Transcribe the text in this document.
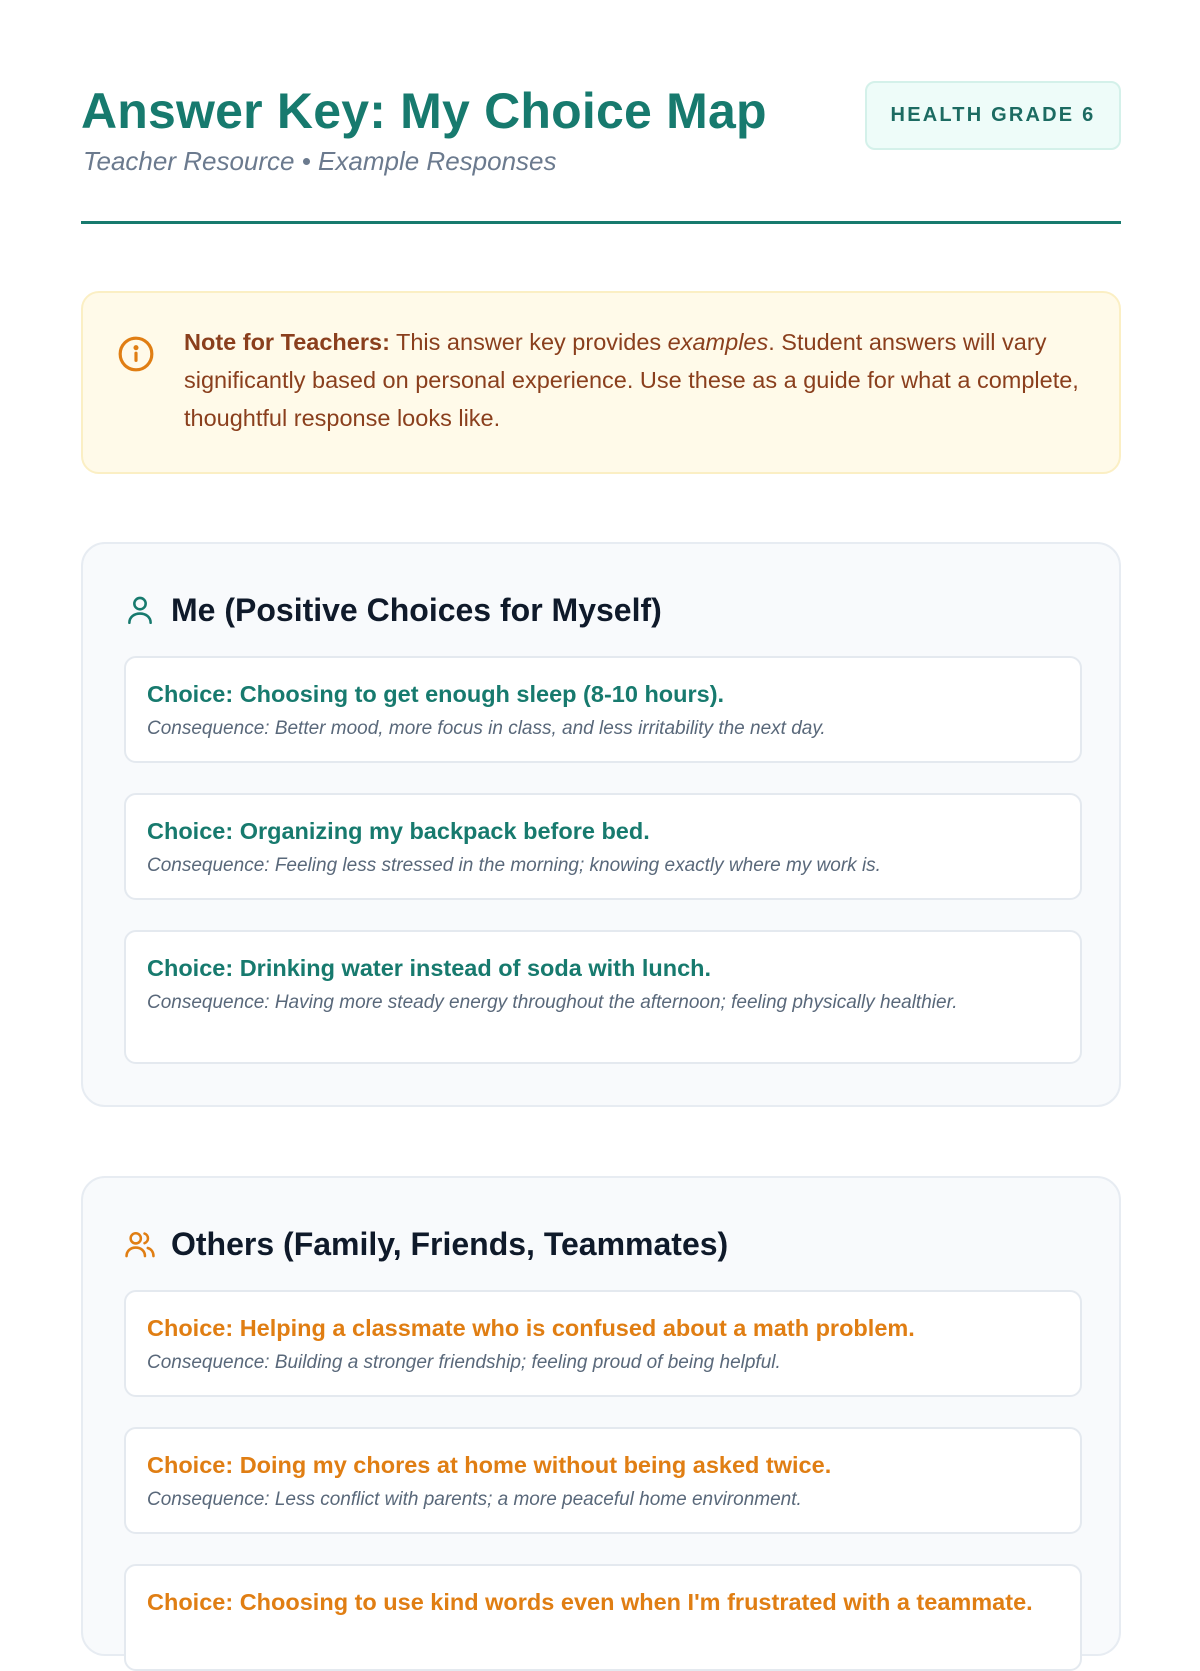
Answer Key: My Choice Map
Teacher Resource • Example Responses
HEALTH GRADE 6

Note for Teachers: This answer key provides examples. Student answers will vary significantly based on personal experience. Use these as a guide for what a complete, thoughtful response looks like.

Me (Positive Choices for Myself)
Choice: Choosing to get enough sleep (8-10 hours).
Consequence: Better mood, more focus in class, and less irritability the next day.
Choice: Organizing my backpack before bed.
Consequence: Feeling less stressed in the morning; knowing exactly where my work is.
Choice: Drinking water instead of soda with lunch.
Consequence: Having more steady energy throughout the afternoon; feeling physically healthier.
Others (Family, Friends, Teammates)
Choice: Helping a classmate who is confused about a math problem.
Consequence: Building a stronger friendship; feeling proud of being helpful.
Choice: Doing my chores at home without being asked twice.
Consequence: Less conflict with parents; a more peaceful home environment.
Choice: Choosing to use kind words even when I'm frustrated with a teammate.
